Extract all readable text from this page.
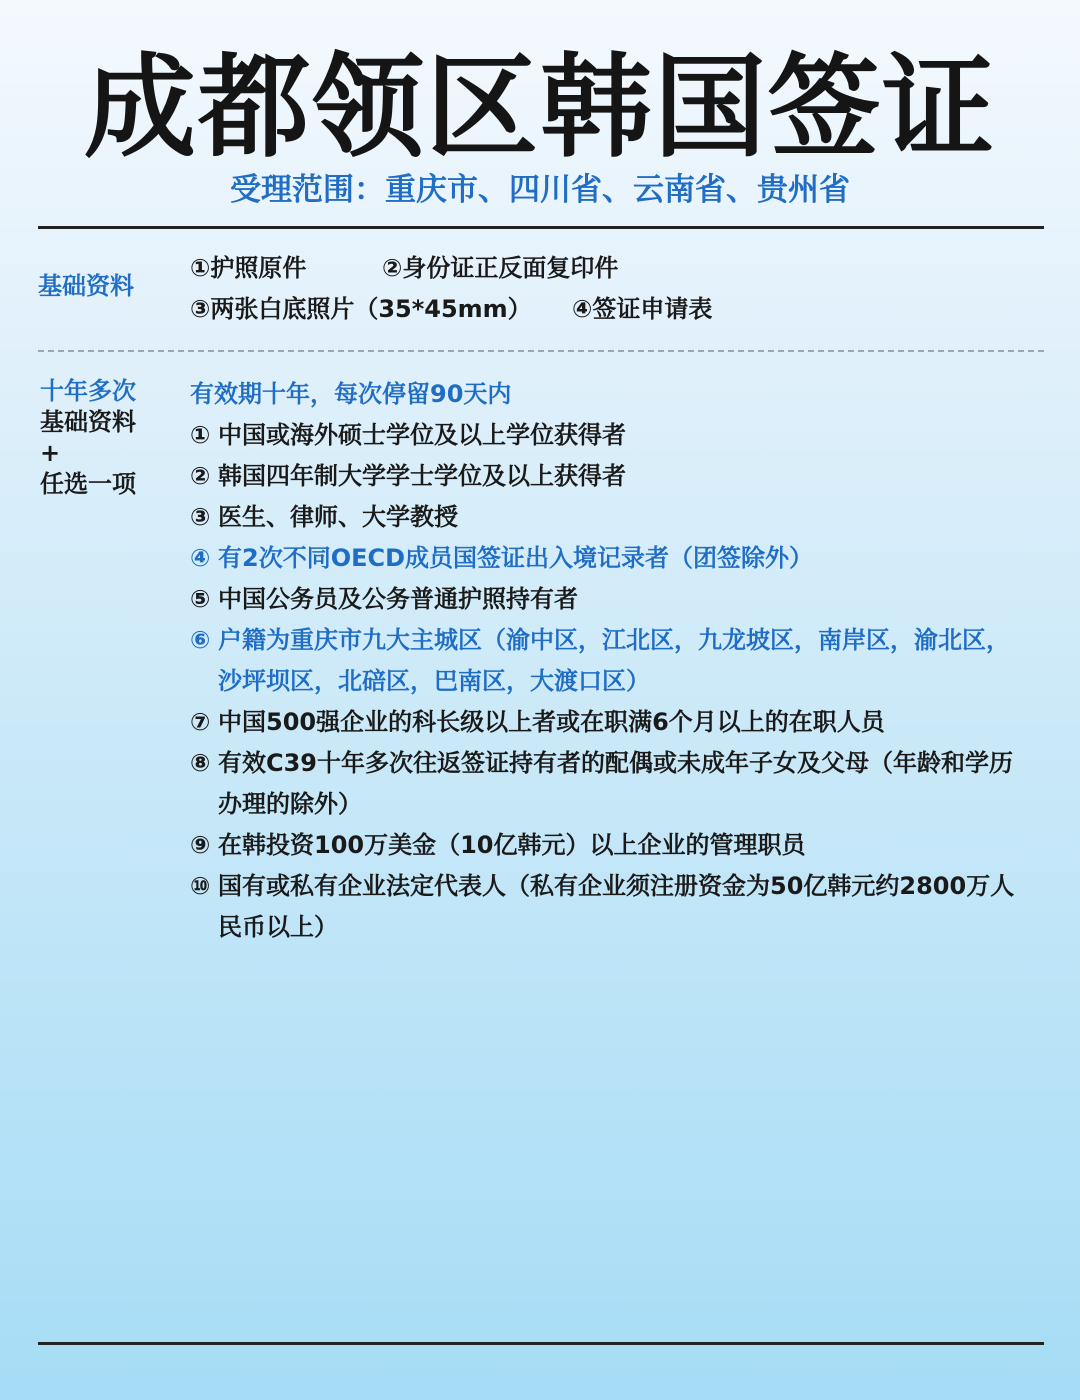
成都领区韩国签证
受理范围：重庆市、四川省、云南省、贵州省
基础资料
①护照原件	②身份证正反面复印件
③两张白底照片（35*45mm） ④签证申请表
十年多次
基础资料
+
任选一项
有效期十年，每次停留90天内
① 中国或海外硕士学位及以上学位获得者
② 韩国四年制大学学士学位及以上获得者
③ 医生、律师、大学教授
④ 有2次不同OECD成员国签证出入境记录者（团签除外）
⑤ 中国公务员及公务普通护照持有者
⑥ 户籍为重庆市九大主城区（渝中区，江北区，九龙坡区，南岸区，渝北区，沙坪坝区，北碚区，巴南区，大渡口区）
⑦ 中国500强企业的科长级以上者或在职满6个月以上的在职人员
⑧ 有效C39十年多次往返签证持有者的配偶或未成年子女及父母（年龄和学历办理的除外）
⑨ 在韩投资100万美金（10亿韩元）以上企业的管理职员
⑩ 国有或私有企业法定代表人（私有企业须注册资金为50亿韩元约2800万人民币以上）
